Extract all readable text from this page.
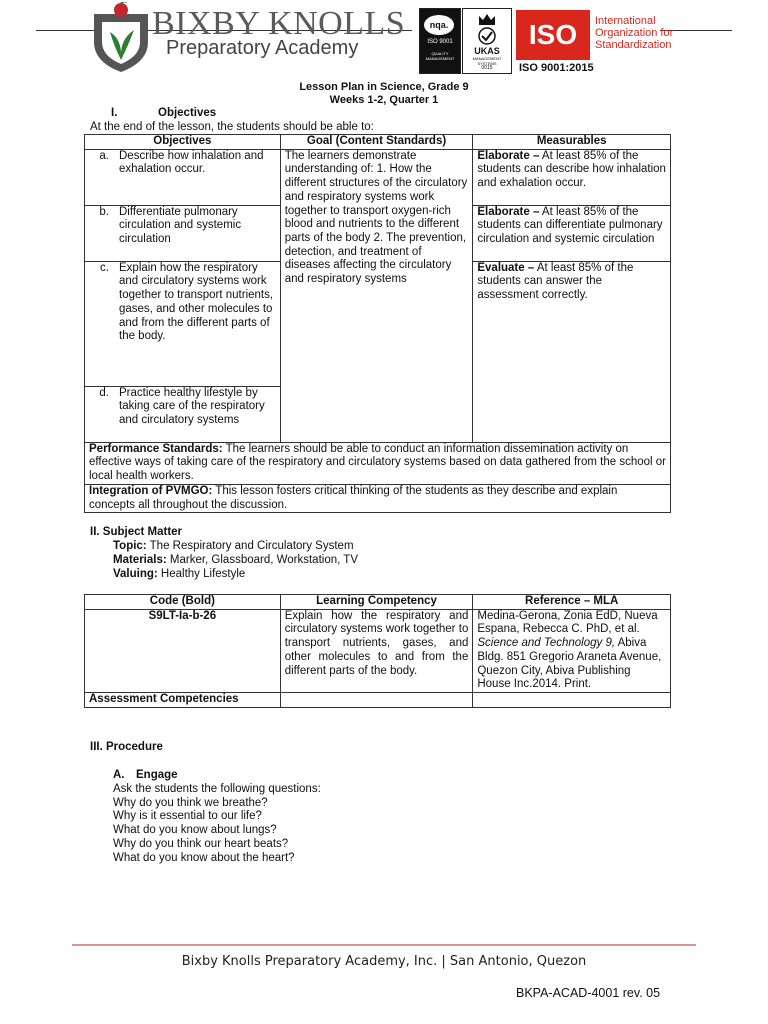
BIXBY KNOLLS
Preparatory Academy
nqa.
ISO 9001
QUALITY MANAGEMENT
UKAS
MANAGEMENT SYSTEMS
0015
ISO	International
Organization for
Standardization
ISO 9001:2015
Lesson Plan in Science, Grade 9
Weeks 1-2, Quarter 1
I.	Objectives
At the end of the lesson, the students should be able to:
Objectives	Goal (Content Standards)	Measurables

a. Describe how inhalation and exhalation occur.	The learners demonstrate understanding of: 1. How the different structures of the circulatory and respiratory systems work together to transport oxygen-rich blood and nutrients to the different parts of the body 2. The prevention, detection, and treatment of diseases affecting the circulatory and respiratory systems	Elaborate – At least 85% of the students can describe how inhalation and exhalation occur.

b. Differentiate pulmonary circulation and systemic circulation		Elaborate – At least 85% of the students can differentiate pulmonary circulation and systemic circulation

c. Explain how the respiratory and circulatory systems work together to transport nutrients, gases, and other molecules to and from the different parts of the body.		Evaluate – At least 85% of the students can answer the assessment correctly.

d. Practice healthy lifestyle by taking care of the respiratory and circulatory systems		

Performance Standards: The learners should be able to conduct an information dissemination activity on effective ways of taking care of the respiratory and circulatory systems based on data gathered from the school or local health workers.		
Integration of PVMGO: This lesson fosters critical thinking of the students as they describe and explain concepts all throughout the discussion.		
II. Subject Matter
Topic: The Respiratory and Circulatory System
Materials: Marker, Glassboard, Workstation, TV
Valuing: Healthy Lifestyle
Code (Bold)	Learning Competency	Reference – MLA
S9LT-Ia-b-26	Explain how the respiratory and circulatory systems work together to transport nutrients, gases, and other molecules to and from the different parts of the body.	Medina-Gerona, Zonia EdD, Nueva Espana, Rebecca C. PhD, et al. Science and Technology 9, Abiva Bldg. 851 Gregorio Araneta Avenue, Quezon City, Abiva Publishing House Inc.2014. Print.
Assessment Competencies		
III. Procedure
A. Engage
Ask the students the following questions:
Why do you think we breathe?
Why is it essential to our life?
What do you know about lungs?
Why do you think our heart beats?
What do you know about the heart?
Bixby Knolls Preparatory Academy, Inc. | San Antonio, Quezon
BKPA-ACAD-4001 rev. 05
